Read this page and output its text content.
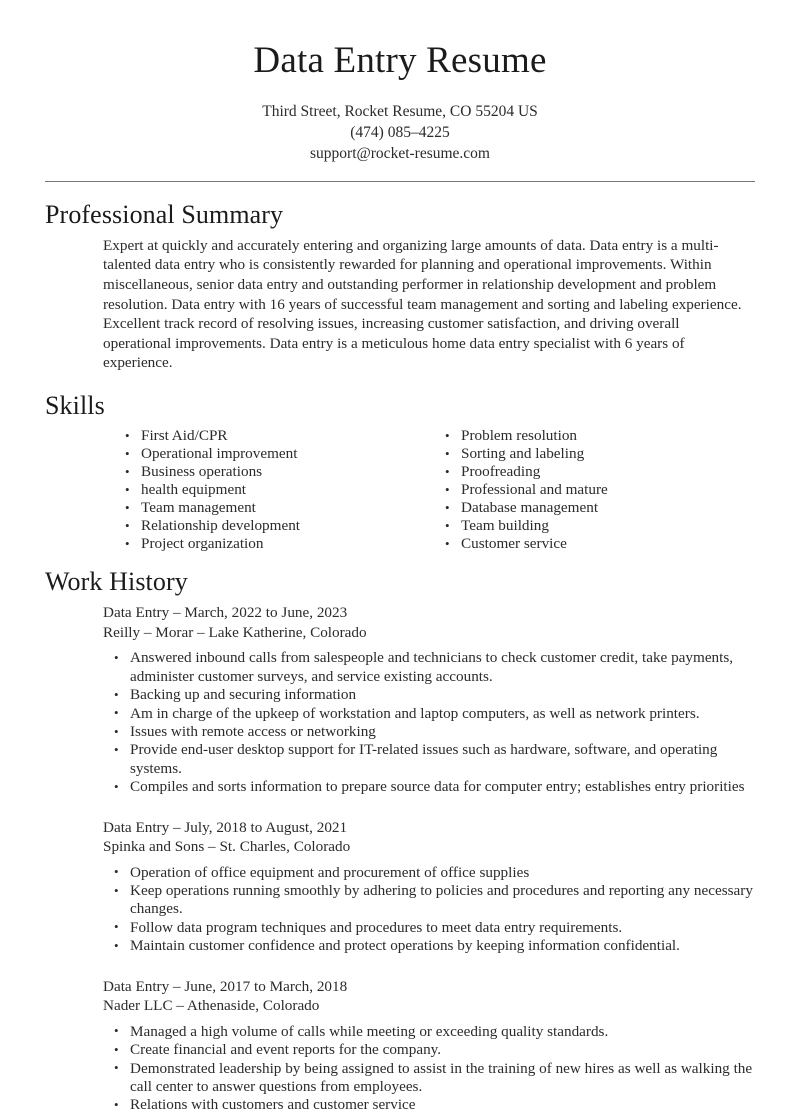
Data Entry Resume
Third Street, Rocket Resume, CO 55204 US
(474) 085–4225
support@rocket-resume.com
Professional Summary

Expert at quickly and accurately entering and organizing large amounts of data. Data entry is a multi-talented data entry who is consistently rewarded for planning and operational improvements. Within miscellaneous, senior data entry and outstanding performer in relationship development and problem resolution. Data entry with 16 years of successful team management and sorting and labeling experience. Excellent track record of resolving issues, increasing customer satisfaction, and driving overall operational improvements. Data entry is a meticulous home data entry specialist with 6 years of experience.

Skills
• First Aid/CPR
• Operational improvement
• Business operations
• health equipment
• Team management
• Relationship development
• Project organization
• Problem resolution
• Sorting and labeling
• Proofreading
• Professional and mature
• Database management
• Team building
• Customer service
Work History
Data Entry – March, 2022 to June, 2023
Reilly – Morar – Lake Katherine, Colorado
• Answered inbound calls from salespeople and technicians to check customer credit, take payments, administer customer surveys, and service existing accounts.
• Backing up and securing information
• Am in charge of the upkeep of workstation and laptop computers, as well as network printers.
• Issues with remote access or networking
• Provide end-user desktop support for IT-related issues such as hardware, software, and operating systems.
• Compiles and sorts information to prepare source data for computer entry; establishes entry priorities
Data Entry – July, 2018 to August, 2021
Spinka and Sons – St. Charles, Colorado
• Operation of office equipment and procurement of office supplies
• Keep operations running smoothly by adhering to policies and procedures and reporting any necessary changes.
• Follow data program techniques and procedures to meet data entry requirements.
• Maintain customer confidence and protect operations by keeping information confidential.
Data Entry – June, 2017 to March, 2018
Nader LLC – Athenaside, Colorado
• Managed a high volume of calls while meeting or exceeding quality standards.
• Create financial and event reports for the company.
• Demonstrated leadership by being assigned to assist in the training of new hires as well as walking the call center to answer questions from employees.
• Relations with customers and customer service
